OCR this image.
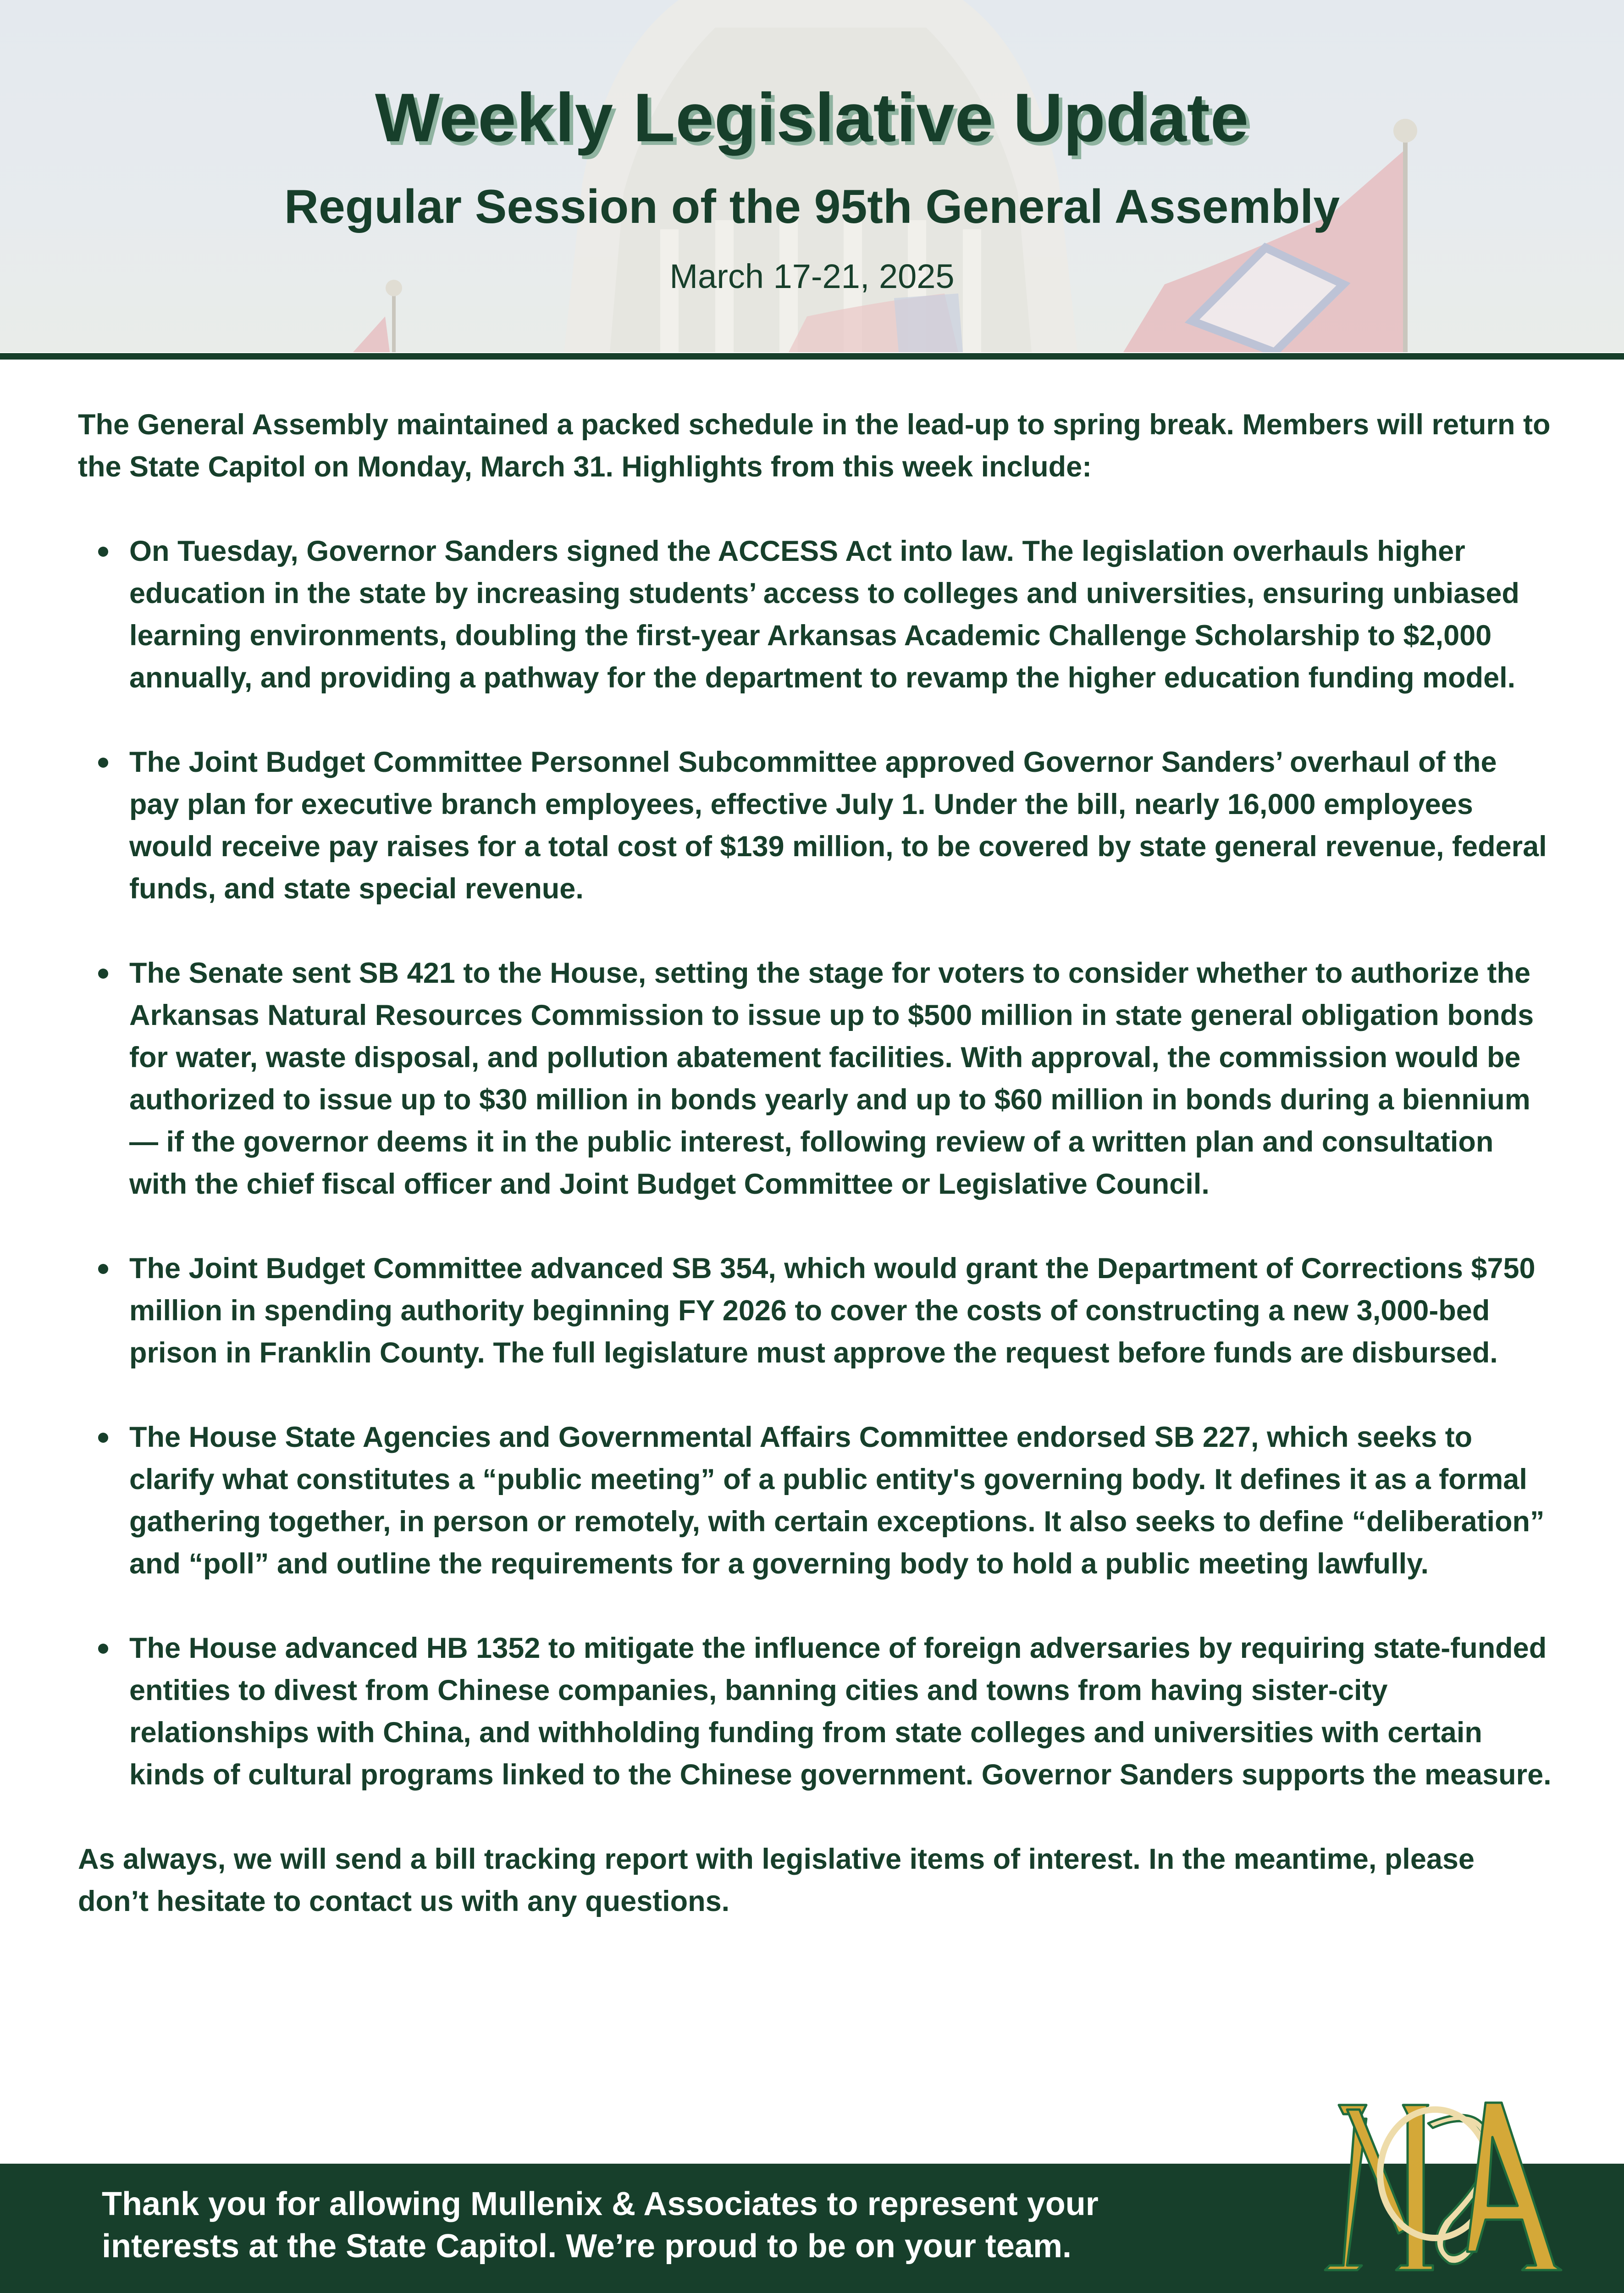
Weekly Legislative Update
Regular Session of the 95th General Assembly
March 17-21, 2025

The General Assembly maintained a packed schedule in the lead-up to spring break. Members will return to the State Capitol on Monday, March 31. Highlights from this week include:

On Tuesday, Governor Sanders signed the ACCESS Act into law. The legislation overhauls higher education in the state by increasing students’ access to colleges and universities, ensuring unbiased learning environments, doubling the first-year Arkansas Academic Challenge Scholarship to $2,000 annually, and providing a pathway for the department to revamp the higher education funding model.
The Joint Budget Committee Personnel Subcommittee approved Governor Sanders’ overhaul of the pay plan for executive branch employees, effective July 1. Under the bill, nearly 16,000 employees would receive pay raises for a total cost of $139 million, to be covered by state general revenue, federal funds, and state special revenue.
The Senate sent SB 421 to the House, setting the stage for voters to consider whether to authorize the Arkansas Natural Resources Commission to issue up to $500 million in state general obligation bonds for water, waste disposal, and pollution abatement facilities. With approval, the commission would be authorized to issue up to $30 million in bonds yearly and up to $60 million in bonds during a biennium — if the governor deems it in the public interest, following review of a written plan and consultation with the chief fiscal officer and Joint Budget Committee or Legislative Council.
The Joint Budget Committee advanced SB 354, which would grant the Department of Corrections $750 million in spending authority beginning FY 2026 to cover the costs of constructing a new 3,000-bed prison in Franklin County. The full legislature must approve the request before funds are disbursed.
The House State Agencies and Governmental Affairs Committee endorsed SB 227, which seeks to clarify what constitutes a “public meeting” of a public entity's governing body. It defines it as a formal gathering together, in person or remotely, with certain exceptions. It also seeks to define “deliberation” and “poll” and outline the requirements for a governing body to hold a public meeting lawfully.
The House advanced HB 1352 to mitigate the influence of foreign adversaries by requiring state-funded entities to divest from Chinese companies, banning cities and towns from having sister-city relationships with China, and withholding funding from state colleges and universities with certain kinds of cultural programs linked to the Chinese government. Governor Sanders supports the measure.

As always, we will send a bill tracking report with legislative items of interest. In the meantime, please don’t hesitate to contact us with any questions.

Thank you for allowing Mullenix & Associates to represent your interests at the State Capitol. We’re proud to be on your team.
